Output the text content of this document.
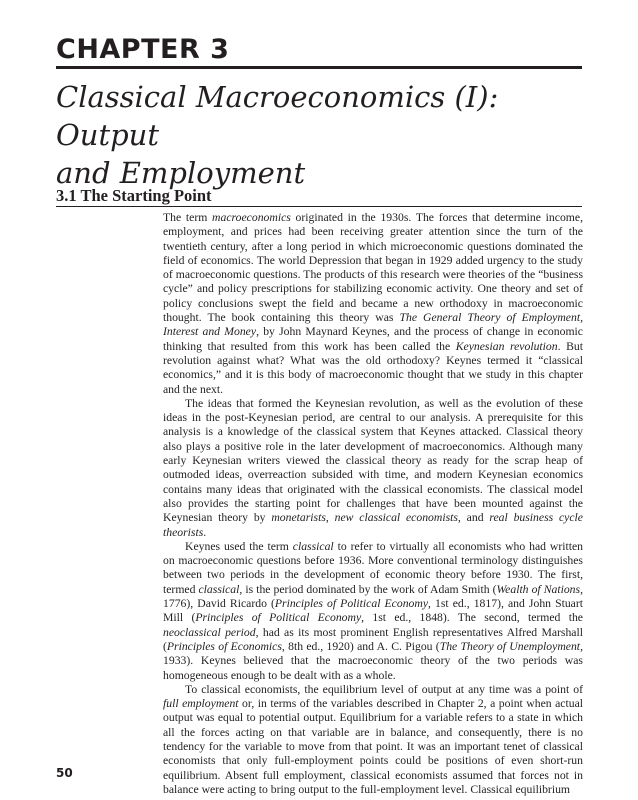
CHAPTER 3
Classical Macroeconomics (I): Output
and Employment
3.1 The Starting Point

The term macroeconomics originated in the 1930s. The forces that determine income, employment, and prices had been receiving greater attention since the turn of the twentieth century, after a long period in which microeconomic questions dominated the field of economics. The world Depression that began in 1929 added urgency to the study of macroeconomic questions. The products of this research were theories of the “business cycle” and policy prescriptions for stabilizing economic activity. One theory and set of policy conclusions swept the field and became a new orthodoxy in macroeconomic thought. The book containing this theory was The General Theory of Employment, Interest and Money, by John Maynard Keynes, and the process of change in economic thinking that resulted from this work has been called the Keynesian revolution. But revolution against what? What was the old orthodoxy? Keynes termed it “classical economics,” and it is this body of macroeconomic thought that we study in this chapter and the next.

The ideas that formed the Keynesian revolution, as well as the evolution of these ideas in the post-Keynesian period, are central to our analysis. A prerequisite for this analysis is a knowledge of the classical system that Keynes attacked. Classical theory also plays a positive role in the later development of macroeconomics. Although many early Keynesian writers viewed the classical theory as ready for the scrap heap of outmoded ideas, overreaction subsided with time, and modern Keynesian economics contains many ideas that originated with the classical economists. The classical model also provides the starting point for challenges that have been mounted against the Keynesian theory by monetarists, new classical economists, and real business cycle theorists.

Keynes used the term classical to refer to virtually all economists who had written on macroeconomic questions before 1936. More conventional terminology distinguishes between two periods in the development of economic theory before 1930. The first, termed classical, is the period dominated by the work of Adam Smith (Wealth of Nations, 1776), David Ricardo (Principles of Political Economy, 1st ed., 1817), and John Stuart Mill (Principles of Political Economy, 1st ed., 1848). The second, termed the neoclassical period, had as its most prominent English representatives Alfred Marshall (Principles of Economics, 8th ed., 1920) and A. C. Pigou (The Theory of Unemployment, 1933). Keynes believed that the macroeconomic theory of the two periods was homogeneous enough to be dealt with as a whole.

To classical economists, the equilibrium level of output at any time was a point of full employment or, in terms of the variables described in Chapter 2, a point when actual output was equal to potential output. Equilibrium for a variable refers to a state in which all the forces acting on that variable are in balance, and consequently, there is no tendency for the variable to move from that point. It was an important tenet of classical economists that only full-employment points could be positions of even short-run equilibrium. Absent full employment, classical economists assumed that forces not in balance were acting to bring output to the full-employment level. Classical equilibrium

50
